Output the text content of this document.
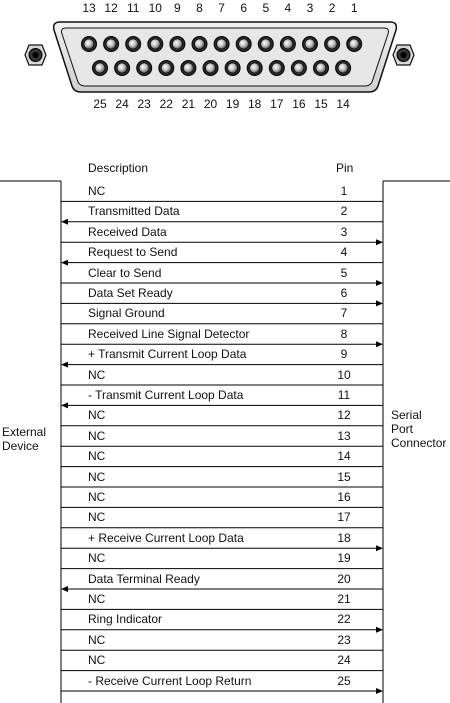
13 12 11 10	9	8	7	6	5	4	3	2	1
25 24 23 22 21 20 19 18 17 16 15 14
Description	Pin
External
Device
Serial
Port
Connector
NC	1
Transmitted Data	2
Received Data	3
Request to Send	4
Clear to Send	5
Data Set Ready	6
Signal Ground	7
Received Line Signal Detector	8
+ Transmit Current Loop Data	9
NC	10
- Transmit Current Loop Data	11
NC	12
NC	13
NC	14
NC	15
NC	16
NC	17
+ Receive Current Loop Data	18
NC	19
Data Terminal Ready	20
NC	21
Ring Indicator	22
NC	23
NC	24
- Receive Current Loop Return	25
